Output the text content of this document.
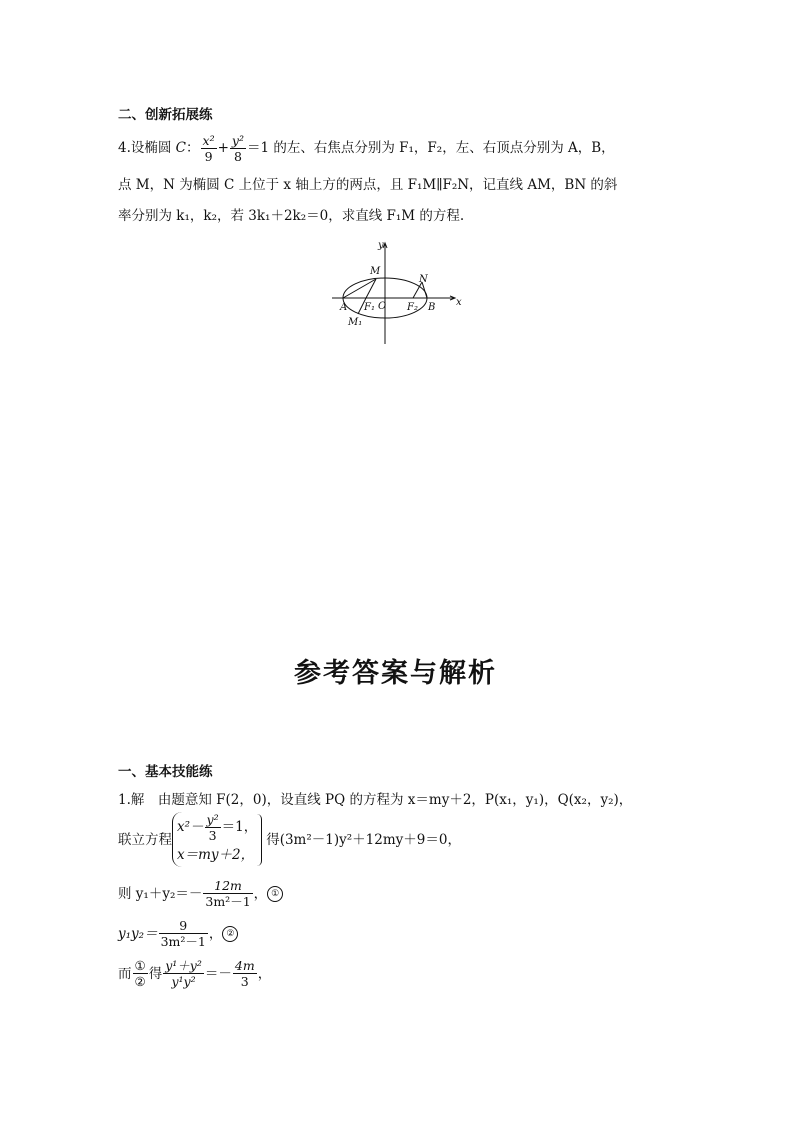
二、创新拓展练
4.设椭圆 C： $\frac{\text{x²}}{9} + \frac{\text{y²}}{8} =1$ 的左、右焦点分别为 F₁，F₂，左、右顶点分别为 A，B，
点 M，N 为椭圆 C 上位于 x 轴上方的两点，且 F₁M∥F₂N，记直线 AM，BN 的斜
率分别为 k₁，k₂，若 3k₁＋2k₂＝0，求直线 F₁M 的方程.
y
x
M
N
A F₁ O F₂ B
M₁
参考答案与解析
一、基本技能练
1.解　由题意知 F(2，0)，设直线 PQ 的方程为 x＝my＋2，P(x₁，y₁)，Q(x₂，y₂)，
联立方程
$x^2- \frac{\text{y²}}{3} =1$，
x＝my＋2，
得(3m²－1)y²＋12my＋9＝0，
则 $y_1+y_2=- \frac{12m}{\text{3m²－1}}$ ， ①
$y_1y_2= \frac{9}{\text{3m²－1}}$ ， ②
而 $\frac{\text{①}}{\text{②}}$ 得 $\frac{\text{y¹＋y²}}{\text{y¹y²}} =- \frac{4m}{3}$ ，
